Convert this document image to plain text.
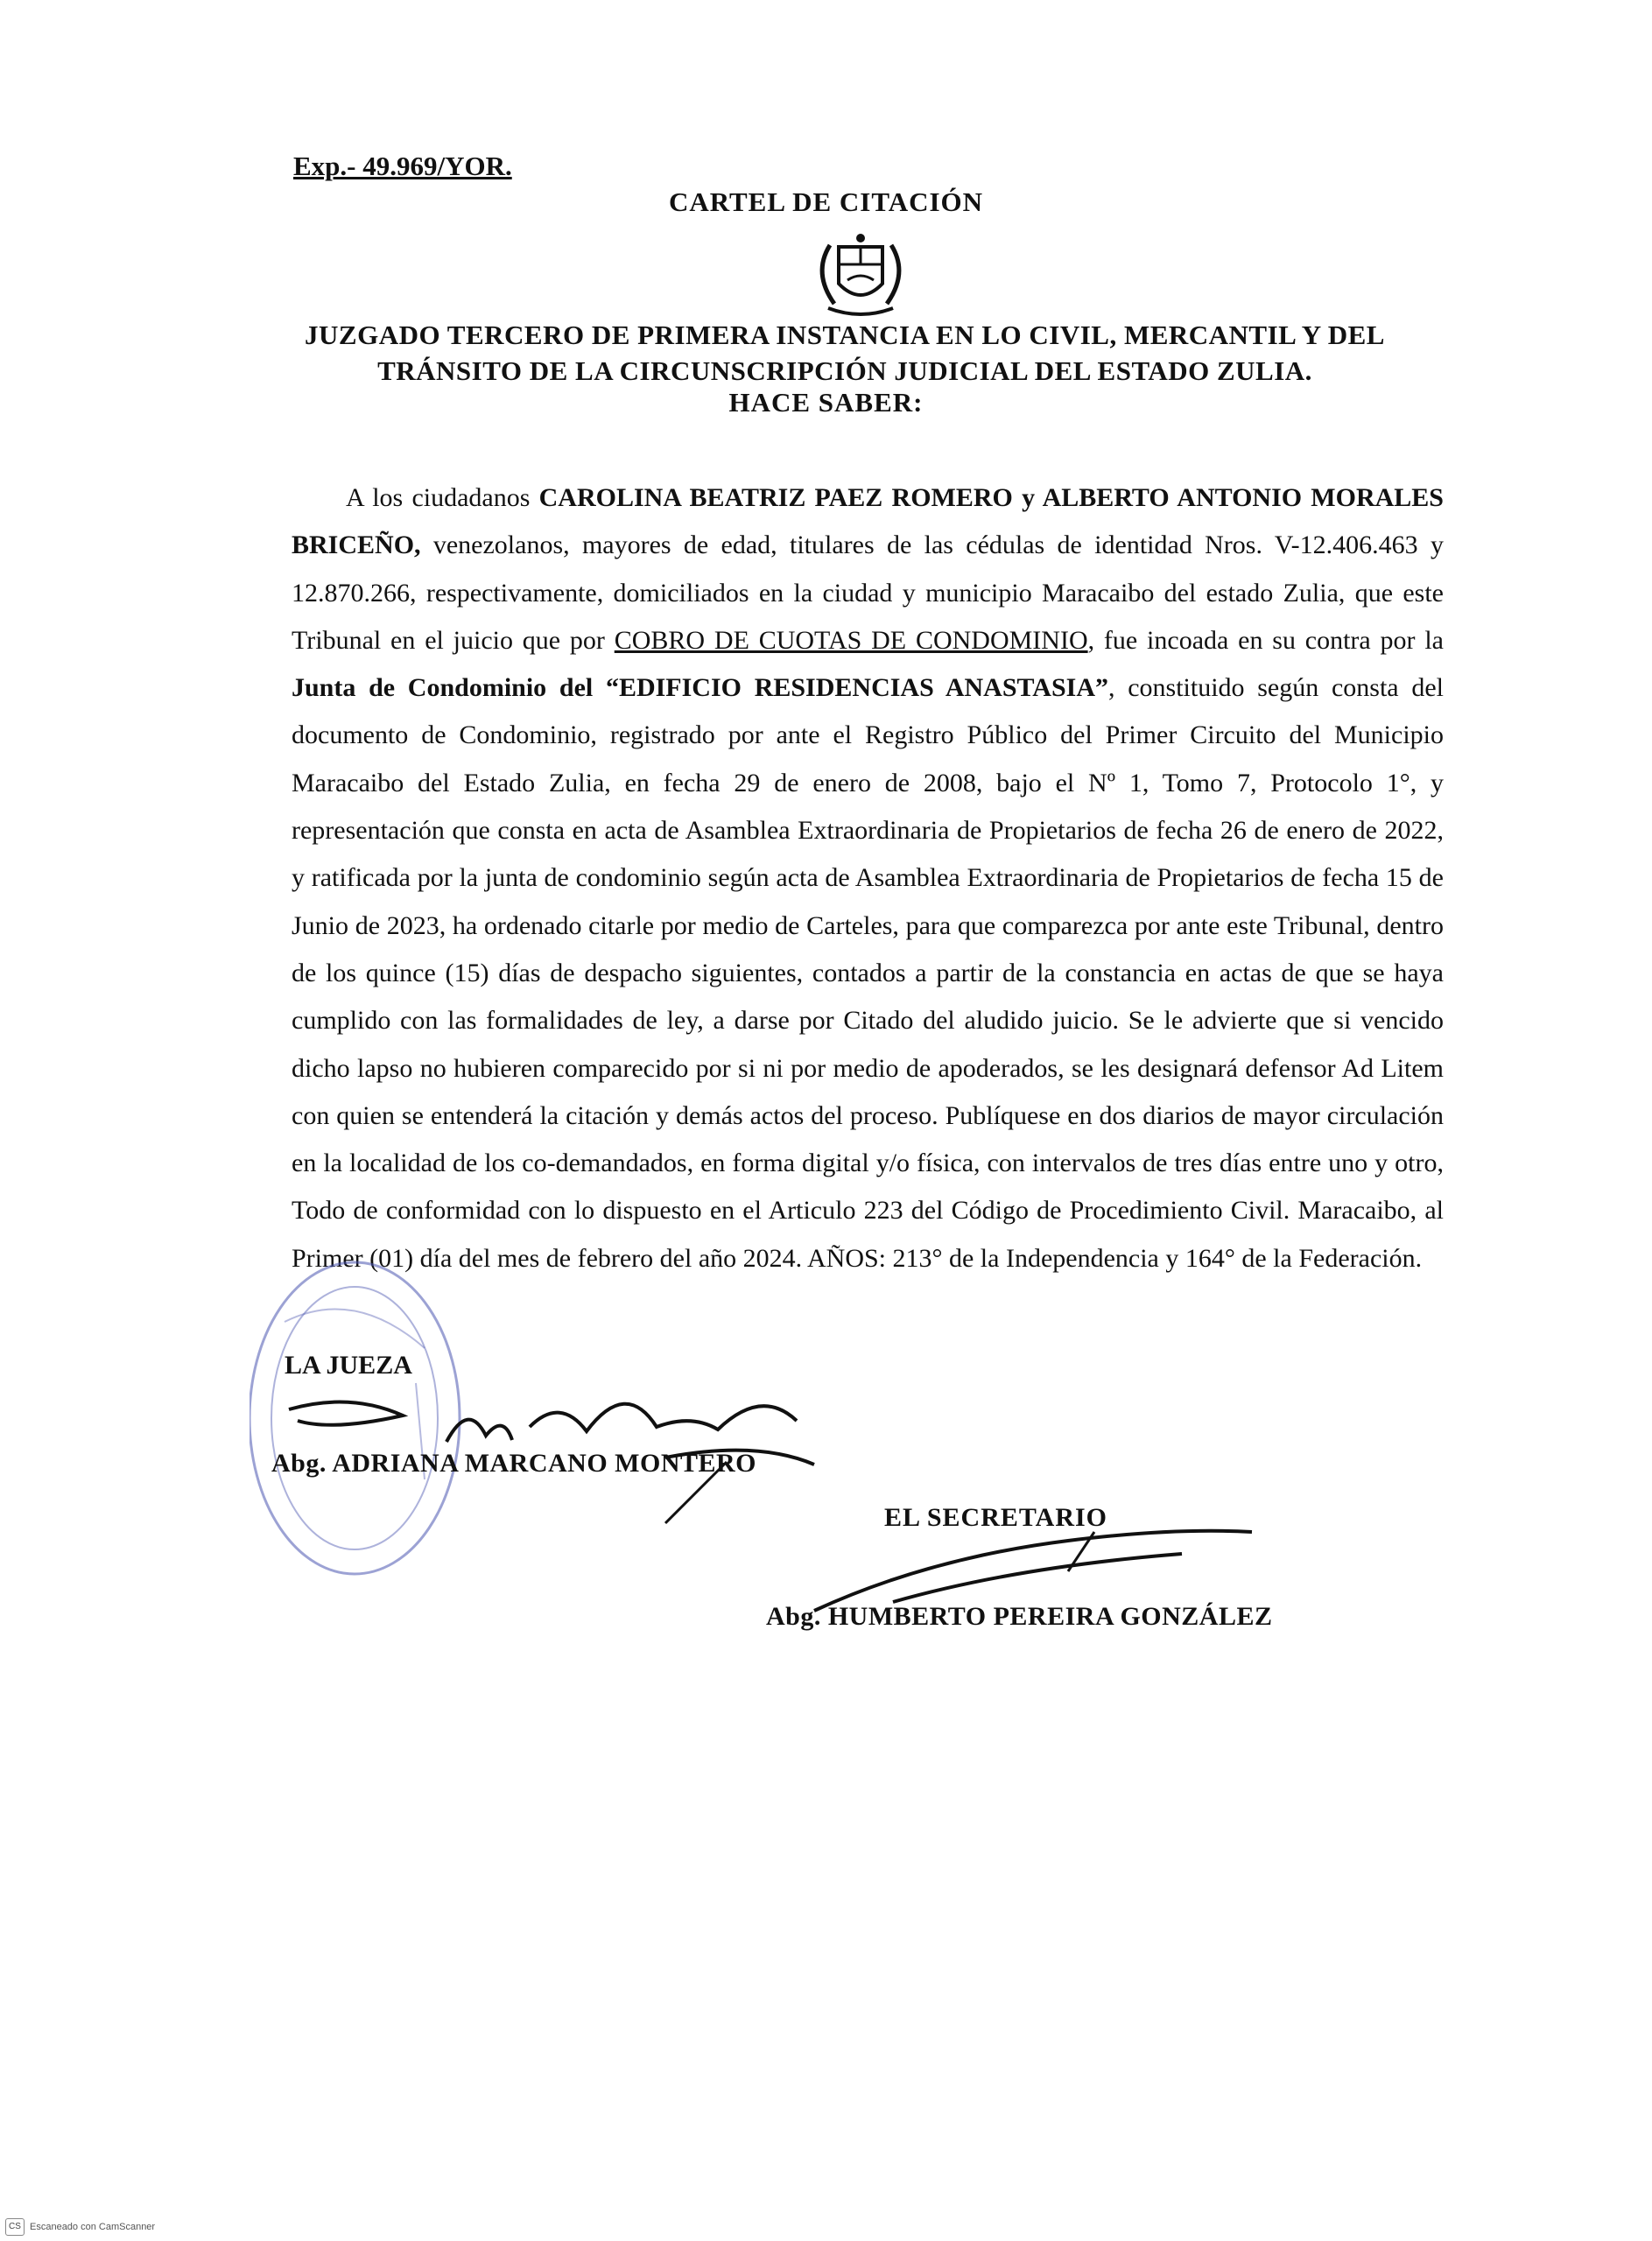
Exp.- 49.969/YOR.
CARTEL DE CITACIÓN
JUZGADO TERCERO DE PRIMERA INSTANCIA EN LO CIVIL, MERCANTIL Y DEL
TRÁNSITO DE LA CIRCUNSCRIPCIÓN JUDICIAL DEL ESTADO ZULIA.
HACE SABER:

A los ciudadanos CAROLINA BEATRIZ PAEZ ROMERO y ALBERTO ANTONIO MORALES BRICEÑO, venezolanos, mayores de edad, titulares de las cédulas de identidad Nros. V-12.406.463 y 12.870.266, respectivamente, domiciliados en la ciudad y municipio Maracaibo del estado Zulia, que este Tribunal en el juicio que por COBRO DE CUOTAS DE CONDOMINIO, fue incoada en su contra por la Junta de Condominio del “EDIFICIO RESIDENCIAS ANASTASIA”, constituido según consta del documento de Condominio, registrado por ante el Registro Público del Primer Circuito del Municipio Maracaibo del Estado Zulia, en fecha 29 de enero de 2008, bajo el Nº 1, Tomo 7, Protocolo 1°, y representación que consta en acta de Asamblea Extraordinaria de Propietarios de fecha 26 de enero de 2022, y ratificada por la junta de condominio según acta de Asamblea Extraordinaria de Propietarios de fecha 15 de Junio de 2023, ha ordenado citarle por medio de Carteles, para que comparezca por ante este Tribunal, dentro de los quince (15) días de despacho siguientes, contados a partir de la constancia en actas de que se haya cumplido con las formalidades de ley, a darse por Citado del aludido juicio. Se le advierte que si vencido dicho lapso no hubieren comparecido por si ni por medio de apoderados, se les designará defensor Ad Litem con quien se entenderá la citación y demás actos del proceso. Publíquese en dos diarios de mayor circulación en la localidad de los co-demandados, en forma digital y/o física, con intervalos de tres días entre uno y otro, Todo de conformidad con lo dispuesto en el Articulo 223 del Código de Procedimiento Civil. Maracaibo, al Primer (01) día del mes de febrero del año 2024. AÑOS: 213° de la Independencia y 164° de la Federación.

LA JUEZA
Abg. ADRIANA MARCANO MONTERO
EL SECRETARIO
Abg. HUMBERTO PEREIRA GONZÁLEZ
CS Escaneado con CamScanner
